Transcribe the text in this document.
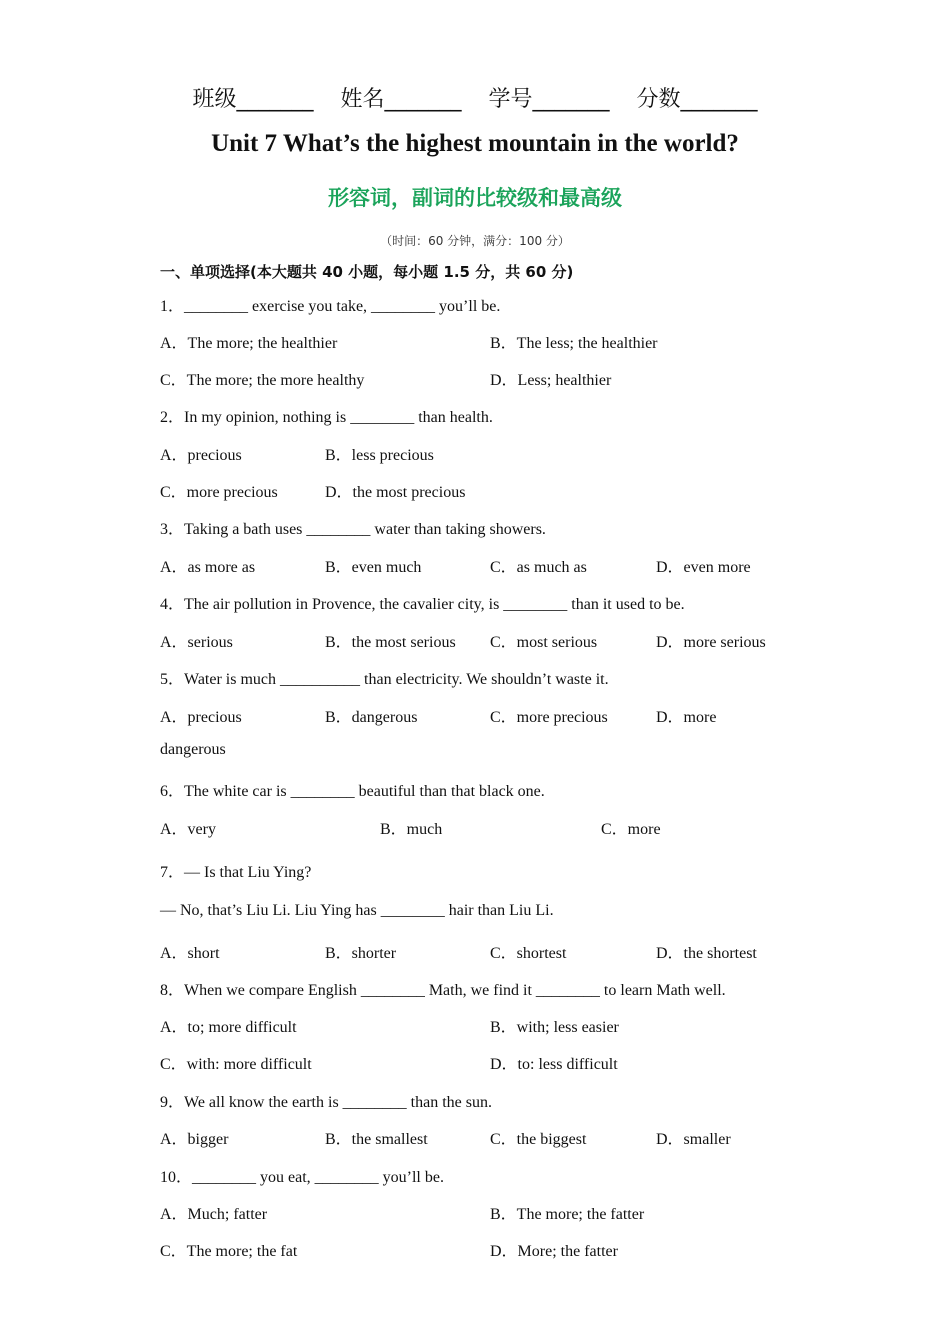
班级_______ 姓名_______ 学号_______ 分数_______
Unit 7 What’s the highest mountain in the world?
形容词，副词的比较级和最高级
（时间：60 分钟，满分：100 分）
一、单项选择(本大题共 40 小题，每小题 1.5 分，共 60 分)
1．________ exercise you take, ________ you’ll be.
A．The more; the healthier	B．The less; the healthier
C．The more; the more healthy	D．Less; healthier
2．In my opinion, nothing is ________ than health.
A．precious	B．less precious
C．more precious	D．the most precious
3．Taking a bath uses ________ water than taking showers.
A．as more as	B．even much	C．as much as	D．even more
4．The air pollution in Provence, the cavalier city, is ________ than it used to be.
A．serious	B．the most serious C．most serious	D．more serious
5．Water is much __________ than electricity. We shouldn’t waste it.
A．precious	B．dangerous	C．more precious	D．more
dangerous
6．The white car is ________ beautiful than that black one.
A．very	B．much	C．more
7．— Is that Liu Ying?
— No, that’s Liu Li. Liu Ying has ________ hair than Liu Li.
A．short	B．shorter	C．shortest	D．the shortest
8．When we compare English ________ Math, we find it ________ to learn Math well.
A．to; more difficult	B．with; less easier
C．with: more difficult	D．to: less difficult
9．We all know the earth is ________ than the sun.
A．bigger	B．the smallest	C．the biggest	D．smaller
10．________ you eat, ________ you’ll be.
A．Much; fatter	B．The more; the fatter
C．The more; the fat	D．More; the fatter
